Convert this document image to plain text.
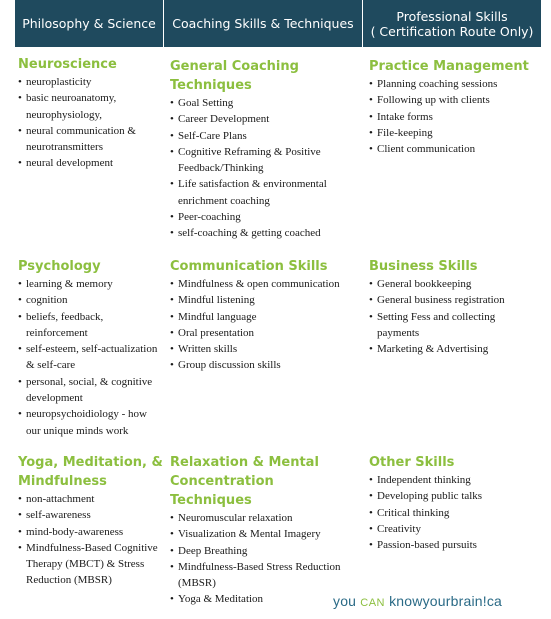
Philosophy & Science	Coaching Skills & Techniques	Professional Skills
( Certification Route Only)
Neuroscience
• neuroplasticity
• basic neuroanatomy, neurophysiology,
• neural communication & neurotransmitters
• neural development
General Coaching Techniques
• Goal Setting
• Career Development
• Self-Care Plans
• Cognitive Reframing & Positive Feedback/Thinking
• Life satisfaction & environmental enrichment coaching
• Peer-coaching
• self-coaching & getting coached
Practice Management
• Planning coaching sessions
• Following up with clients
• Intake forms
• File-keeping
• Client communication
Psychology
• learning & memory
• cognition
• beliefs, feedback, reinforcement
• self-esteem, self-actualization & self-care
• personal, social, & cognitive development
• neuropsychoidiology - how our unique minds work
Communication Skills
• Mindfulness & open communication
• Mindful listening
• Mindful language
• Oral presentation
• Written skills
• Group discussion skills
Business Skills
• General bookkeeping
• General business registration
• Setting Fess and collecting payments
• Marketing & Advertising
Yoga, Meditation, & Mindfulness
• non-attachment
• self-awareness
• mind-body-awareness
• Mindfulness-Based Cognitive Therapy (MBCT) & Stress Reduction (MBSR)
Relaxation & Mental Concentration Techniques
• Neuromuscular relaxation
• Visualization & Mental Imagery
• Deep Breathing
• Mindfulness-Based Stress Reduction (MBSR)
• Yoga & Meditation
Other Skills
• Independent thinking
• Developing public talks
• Critical thinking
• Creativity
• Passion-based pursuits
you CAN knowyourbrain!ca
